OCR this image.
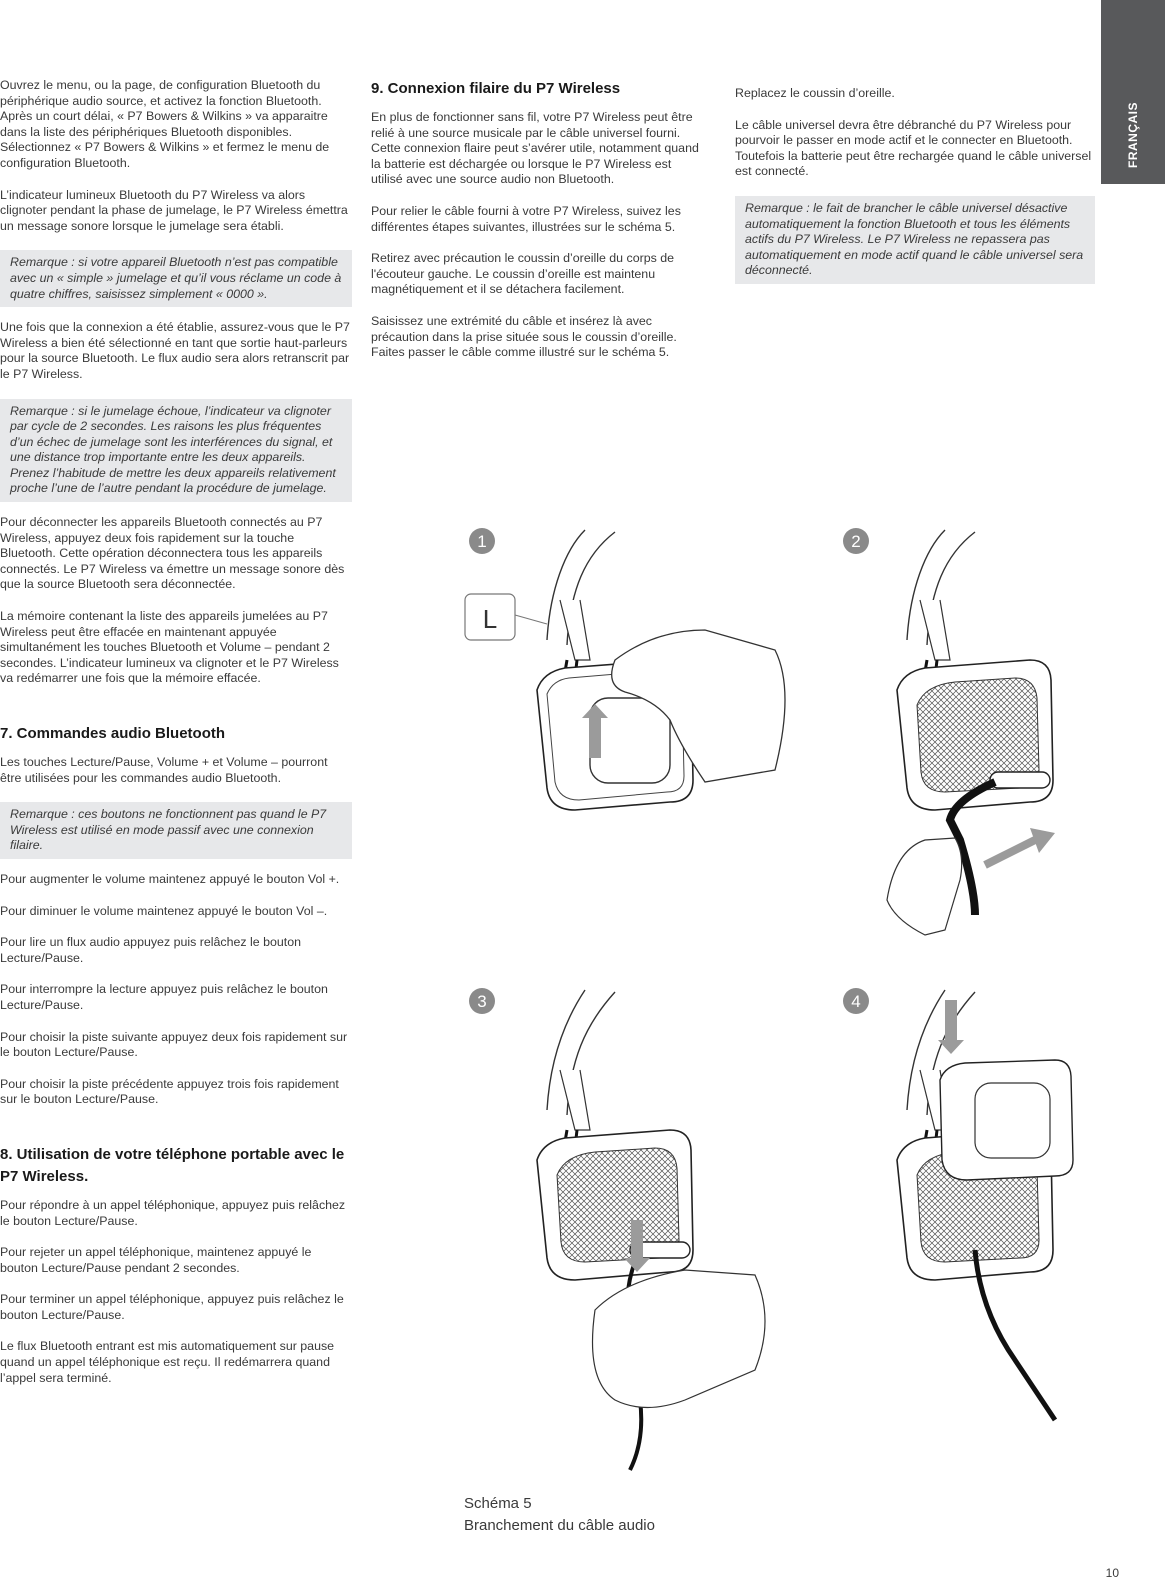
FRANÇAIS

Ouvrez le menu, ou la page, de configuration Bluetooth du périphérique audio source, et activez la fonction Bluetooth. Après un court délai, « P7 Bowers & Wilkins » va apparaitre dans la liste des périphériques Bluetooth disponibles. Sélectionnez « P7 Bowers & Wilkins » et fermez le menu de configuration Bluetooth.

L’indicateur lumineux Bluetooth du P7 Wireless va alors clignoter pendant la phase de jumelage, le P7 Wireless émettra un message sonore lorsque le jumelage sera établi.

Remarque : si votre appareil Bluetooth n’est pas compatible avec un « simple » jumelage et qu’il vous réclame un code à quatre chiffres, saisissez simplement « 0000 ».

Une fois que la connexion a été établie, assurez-vous que le P7 Wireless a bien été sélectionné en tant que sortie haut-parleurs pour la source Bluetooth. Le flux audio sera alors retranscrit par le P7 Wireless.

Remarque : si le jumelage échoue, l’indicateur va clignoter par cycle de 2 secondes. Les raisons les plus fréquentes d’un échec de jumelage sont les interférences du signal, et une distance trop importante entre les deux appareils. Prenez l’habitude de mettre les deux appareils relativement proche l’une de l’autre pendant la procédure de jumelage.

Pour déconnecter les appareils Bluetooth connectés au P7 Wireless, appuyez deux fois rapidement sur la touche Bluetooth. Cette opération déconnectera tous les appareils connectés. Le P7 Wireless va émettre un message sonore dès que la source Bluetooth sera déconnectée.

La mémoire contenant la liste des appareils jumelées au P7 Wireless peut être effacée en maintenant appuyée simultanément les touches Bluetooth et Volume – pendant 2 secondes. L’indicateur lumineux va clignoter et le P7 Wireless va redémarrer une fois que la mémoire effacée.

7. Commandes audio Bluetooth

Les touches Lecture/Pause, Volume + et Volume – pourront être utilisées pour les commandes audio Bluetooth.

Remarque : ces boutons ne fonctionnent pas quand le P7 Wireless est utilisé en mode passif avec une connexion filaire.

Pour augmenter le volume maintenez appuyé le bouton Vol +.

Pour diminuer le volume maintenez appuyé le bouton Vol –.

Pour lire un flux audio appuyez puis relâchez le bouton Lecture/Pause.

Pour interrompre la lecture appuyez puis relâchez le bouton Lecture/Pause.

Pour choisir la piste suivante appuyez deux fois rapidement sur le bouton Lecture/Pause.

Pour choisir la piste précédente appuyez trois fois rapidement sur le bouton Lecture/Pause.

8. Utilisation de votre téléphone portable avec le P7 Wireless.

Pour répondre à un appel téléphonique, appuyez puis relâchez le bouton Lecture/Pause.

Pour rejeter un appel téléphonique, maintenez appuyé le bouton Lecture/Pause pendant 2 secondes.

Pour terminer un appel téléphonique, appuyez puis relâchez le bouton Lecture/Pause.

Le flux Bluetooth entrant est mis automatiquement sur pause quand un appel téléphonique est reçu. Il redémarrera quand l’appel sera terminé.

9. Connexion filaire du P7 Wireless

En plus de fonctionner sans fil, votre P7 Wireless peut être relié à une source musicale par le câble universel fourni. Cette connexion flaire peut s’avérer utile, notamment quand la batterie est déchargée ou lorsque le P7 Wireless est utilisé avec une source audio non Bluetooth.

Pour relier le câble fourni à votre P7 Wireless, suivez les différentes étapes suivantes, illustrées sur le schéma 5.

Retirez avec précaution le coussin d’oreille du corps de l'écouteur gauche. Le coussin d’oreille est maintenu magnétiquement et il se détachera facilement.

Saisissez une extrémité du câble et insérez là avec précaution dans la prise située sous le coussin d’oreille. Faites passer le câble comme illustré sur le schéma 5.

Replacez le coussin d’oreille.

Le câble universel devra être débranché du P7 Wireless pour pourvoir le passer en mode actif et le connecter en Bluetooth. Toutefois la batterie peut être rechargée quand le câble universel est connecté.

Remarque : le fait de brancher le câble universel désactive automatiquement la fonction Bluetooth et tous les éléments actifs du P7 Wireless. Le P7 Wireless ne repassera pas automatiquement en mode actif quand le câble universel sera déconnecté.
1
L
2
3	4
Schéma 5
Branchement du câble audio
10
